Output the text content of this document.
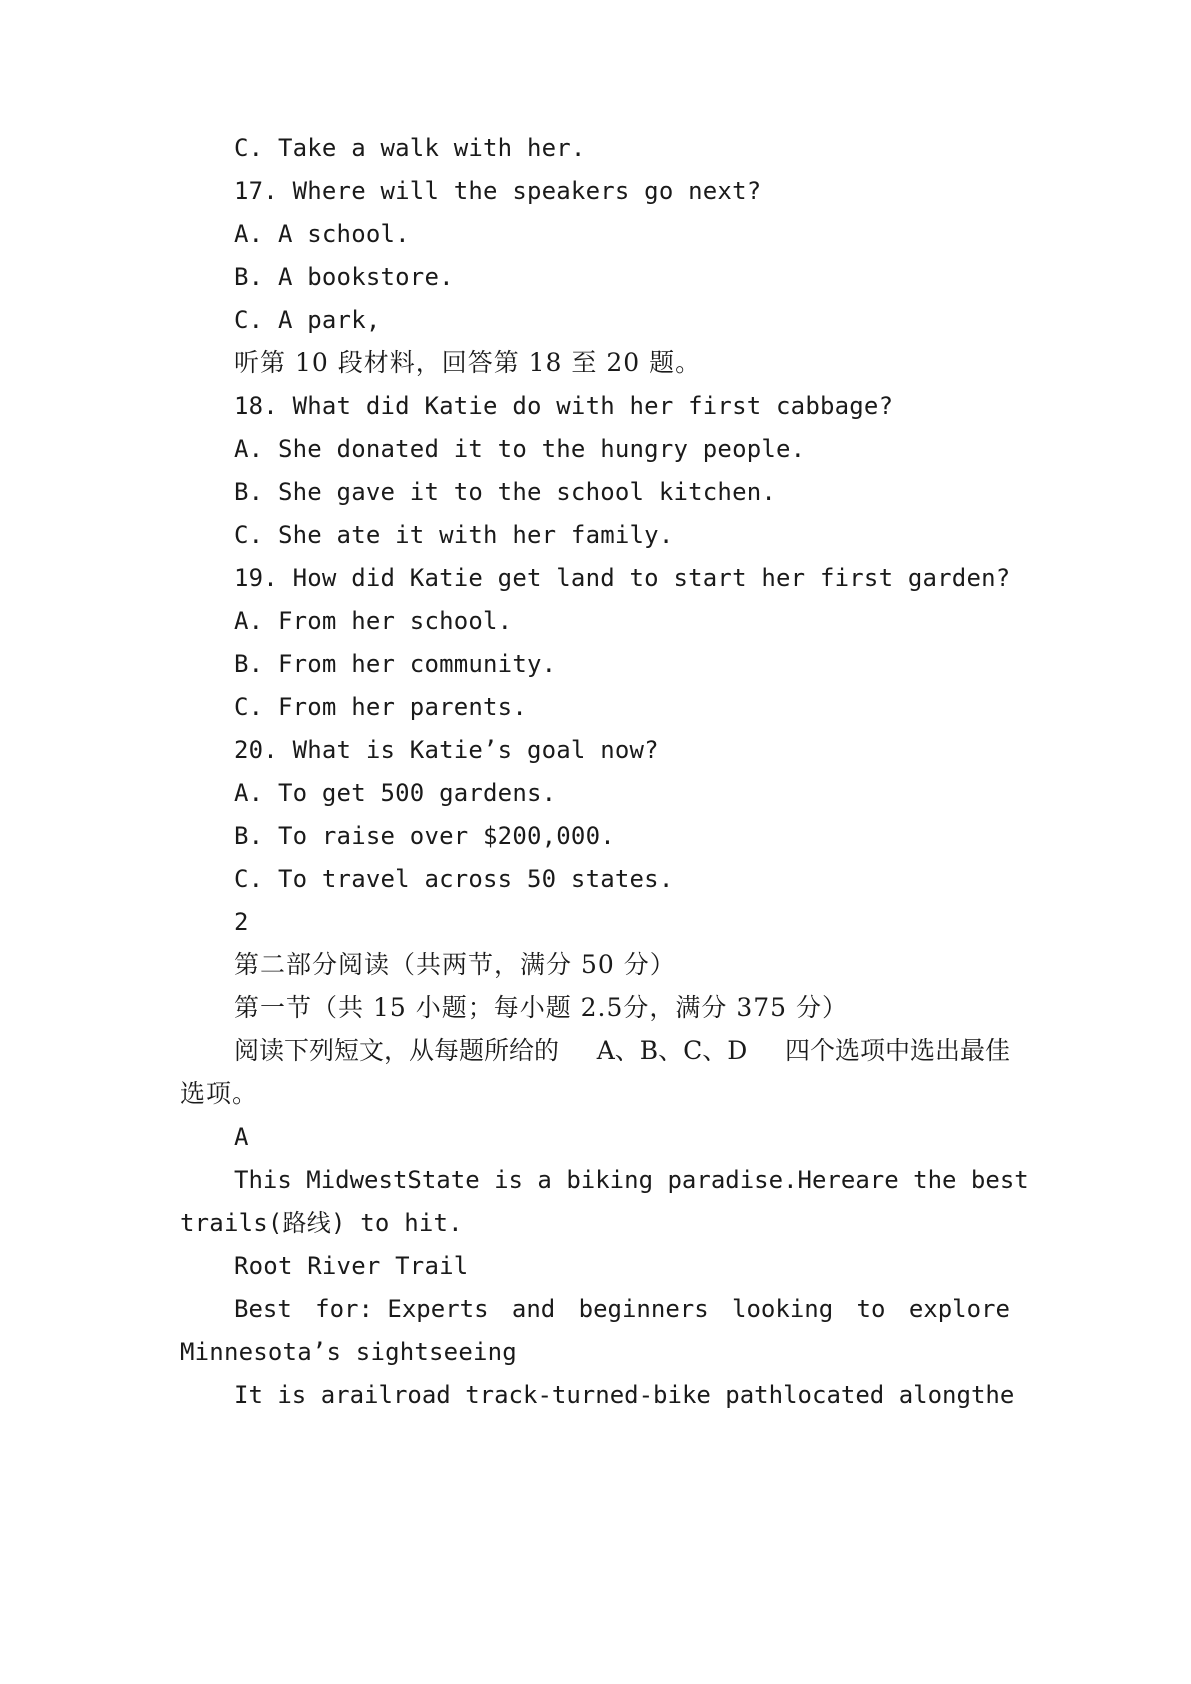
C. Take a walk with her.
17. Where will the speakers go next?
A. A school.
B. A bookstore.
C. A park,
听第 10 段材料，回答第 18 至 20 题。
18. What did Katie do with her first cabbage?
A. She donated it to the hungry people.
B. She gave it to the school kitchen.
C. She ate it with her family.
19. How did Katie get land to start her first garden?
A. From her school.
B. From her community.
C. From her parents.
20. What is Katie’s goal now?
A. To get 500 gardens.
B. To raise over $200,000.
C. To travel across 50 states.
2
第二部分阅读（共两节，满分 50 分）
第一节（共 15 小题；每小题 2.5分，满分 375 分）
阅读下列短文，从每题所给的 A、B、C、D 四个选项中选出最佳
选项。
A
This Midwest State is a biking paradise. Here are the best
trails(路线) to hit.
Root River Trail
Best for: Experts and beginners looking to explore
Minnesota’s sightseeing
It is a railroad track-turned-bike path located along the
